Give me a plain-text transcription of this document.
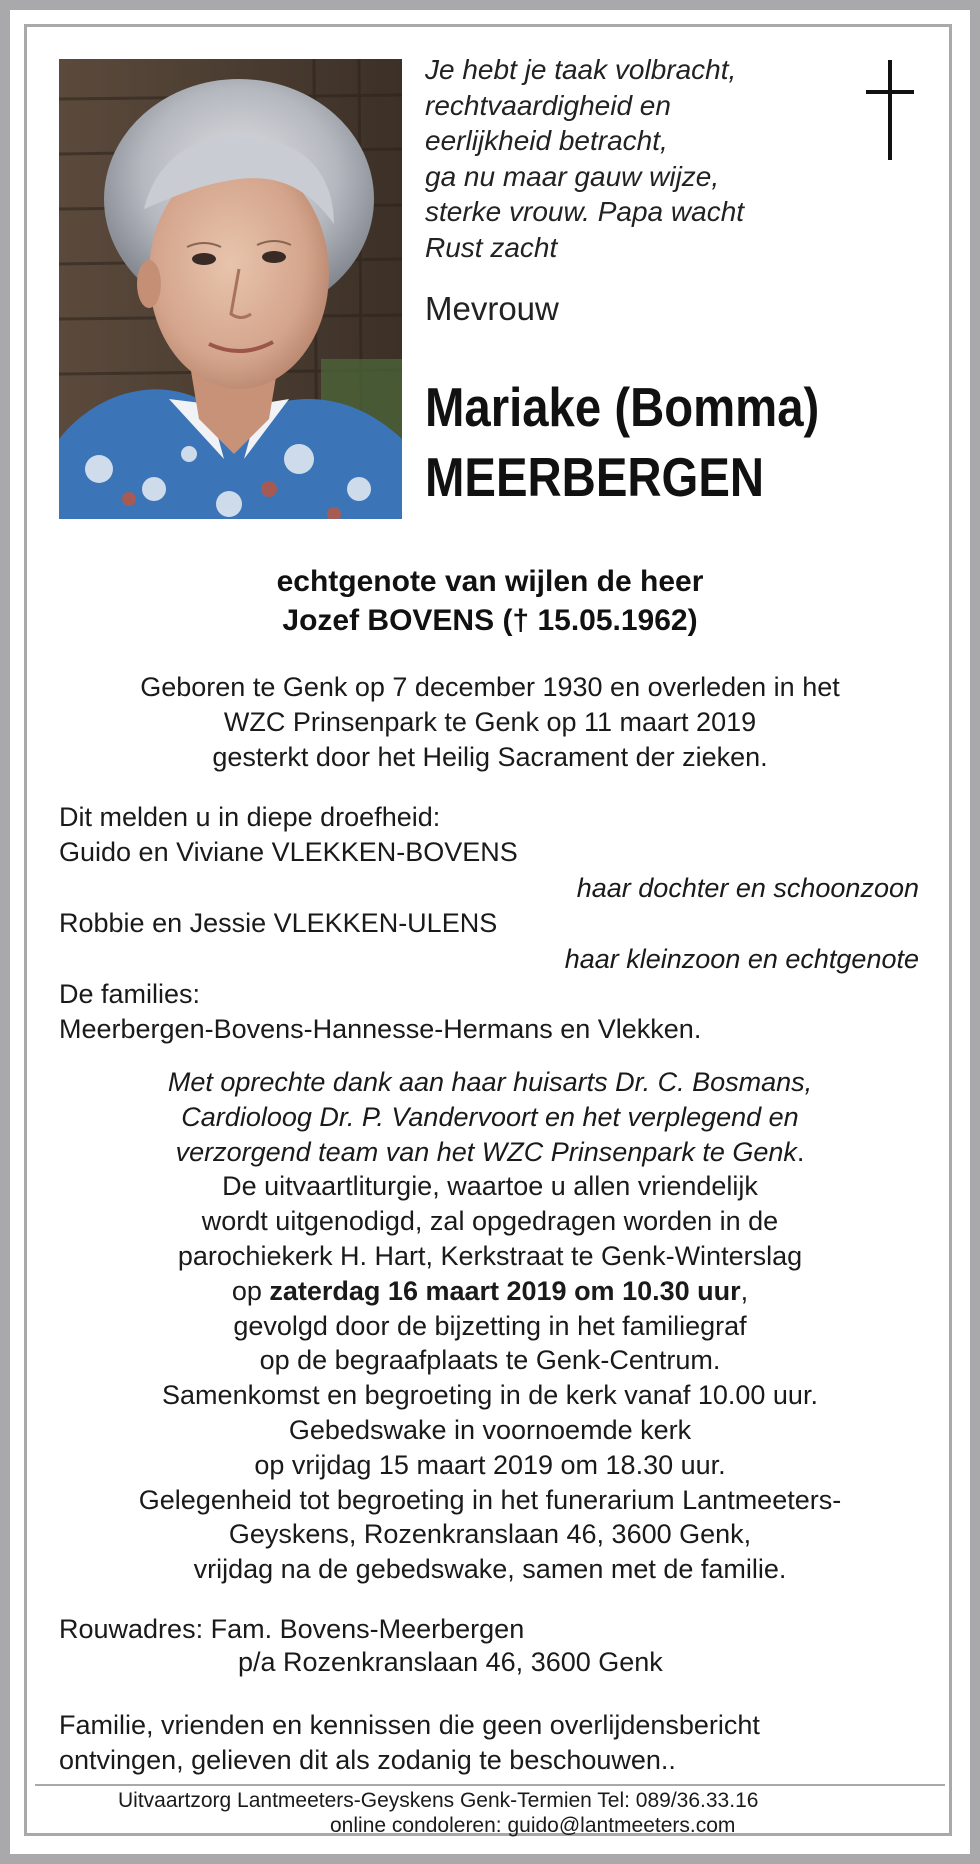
Je hebt je taak volbracht,
rechtvaardigheid en
eerlijkheid betracht,
ga nu maar gauw wijze,
sterke vrouw. Papa wacht
Rust zacht
Mevrouw
Mariake (Bomma)
MEERBERGEN
echtgenote van wijlen de heer
Jozef BOVENS († 15.05.1962)
Geboren te Genk op 7 december 1930 en overleden in het
WZC Prinsenpark te Genk op 11 maart 2019
gesterkt door het Heilig Sacrament der zieken.
Dit melden u in diepe droefheid:
Guido en Viviane VLEKKEN-BOVENS
haar dochter en schoonzoon
Robbie en Jessie VLEKKEN-ULENS
haar kleinzoon en echtgenote
De families:
Meerbergen-Bovens-Hannesse-Hermans en Vlekken.
Met oprechte dank aan haar huisarts Dr. C. Bosmans,
Cardioloog Dr. P. Vandervoort en het verplegend en
verzorgend team van het WZC Prinsenpark te Genk.
De uitvaartliturgie, waartoe u allen vriendelijk
wordt uitgenodigd, zal opgedragen worden in de
parochiekerk H. Hart, Kerkstraat te Genk-Winterslag
op zaterdag 16 maart 2019 om 10.30 uur,
gevolgd door de bijzetting in het familiegraf
op de begraafplaats te Genk-Centrum.
Samenkomst en begroeting in de kerk vanaf 10.00 uur.
Gebedswake in voornoemde kerk
op vrijdag 15 maart 2019 om 18.30 uur.
Gelegenheid tot begroeting in het funerarium Lantmeeters-
Geyskens, Rozenkranslaan 46, 3600 Genk,
vrijdag na de gebedswake, samen met de familie.
Rouwadres: Fam. Bovens-Meerbergen
p/a Rozenkranslaan 46, 3600 Genk
Familie, vrienden en kennissen die geen overlijdensbericht
ontvingen, gelieven dit als zodanig te beschouwen..
Uitvaartzorg Lantmeeters-Geyskens Genk-Termien Tel: 089/36.33.16
online condoleren: guido@lantmeeters.com
